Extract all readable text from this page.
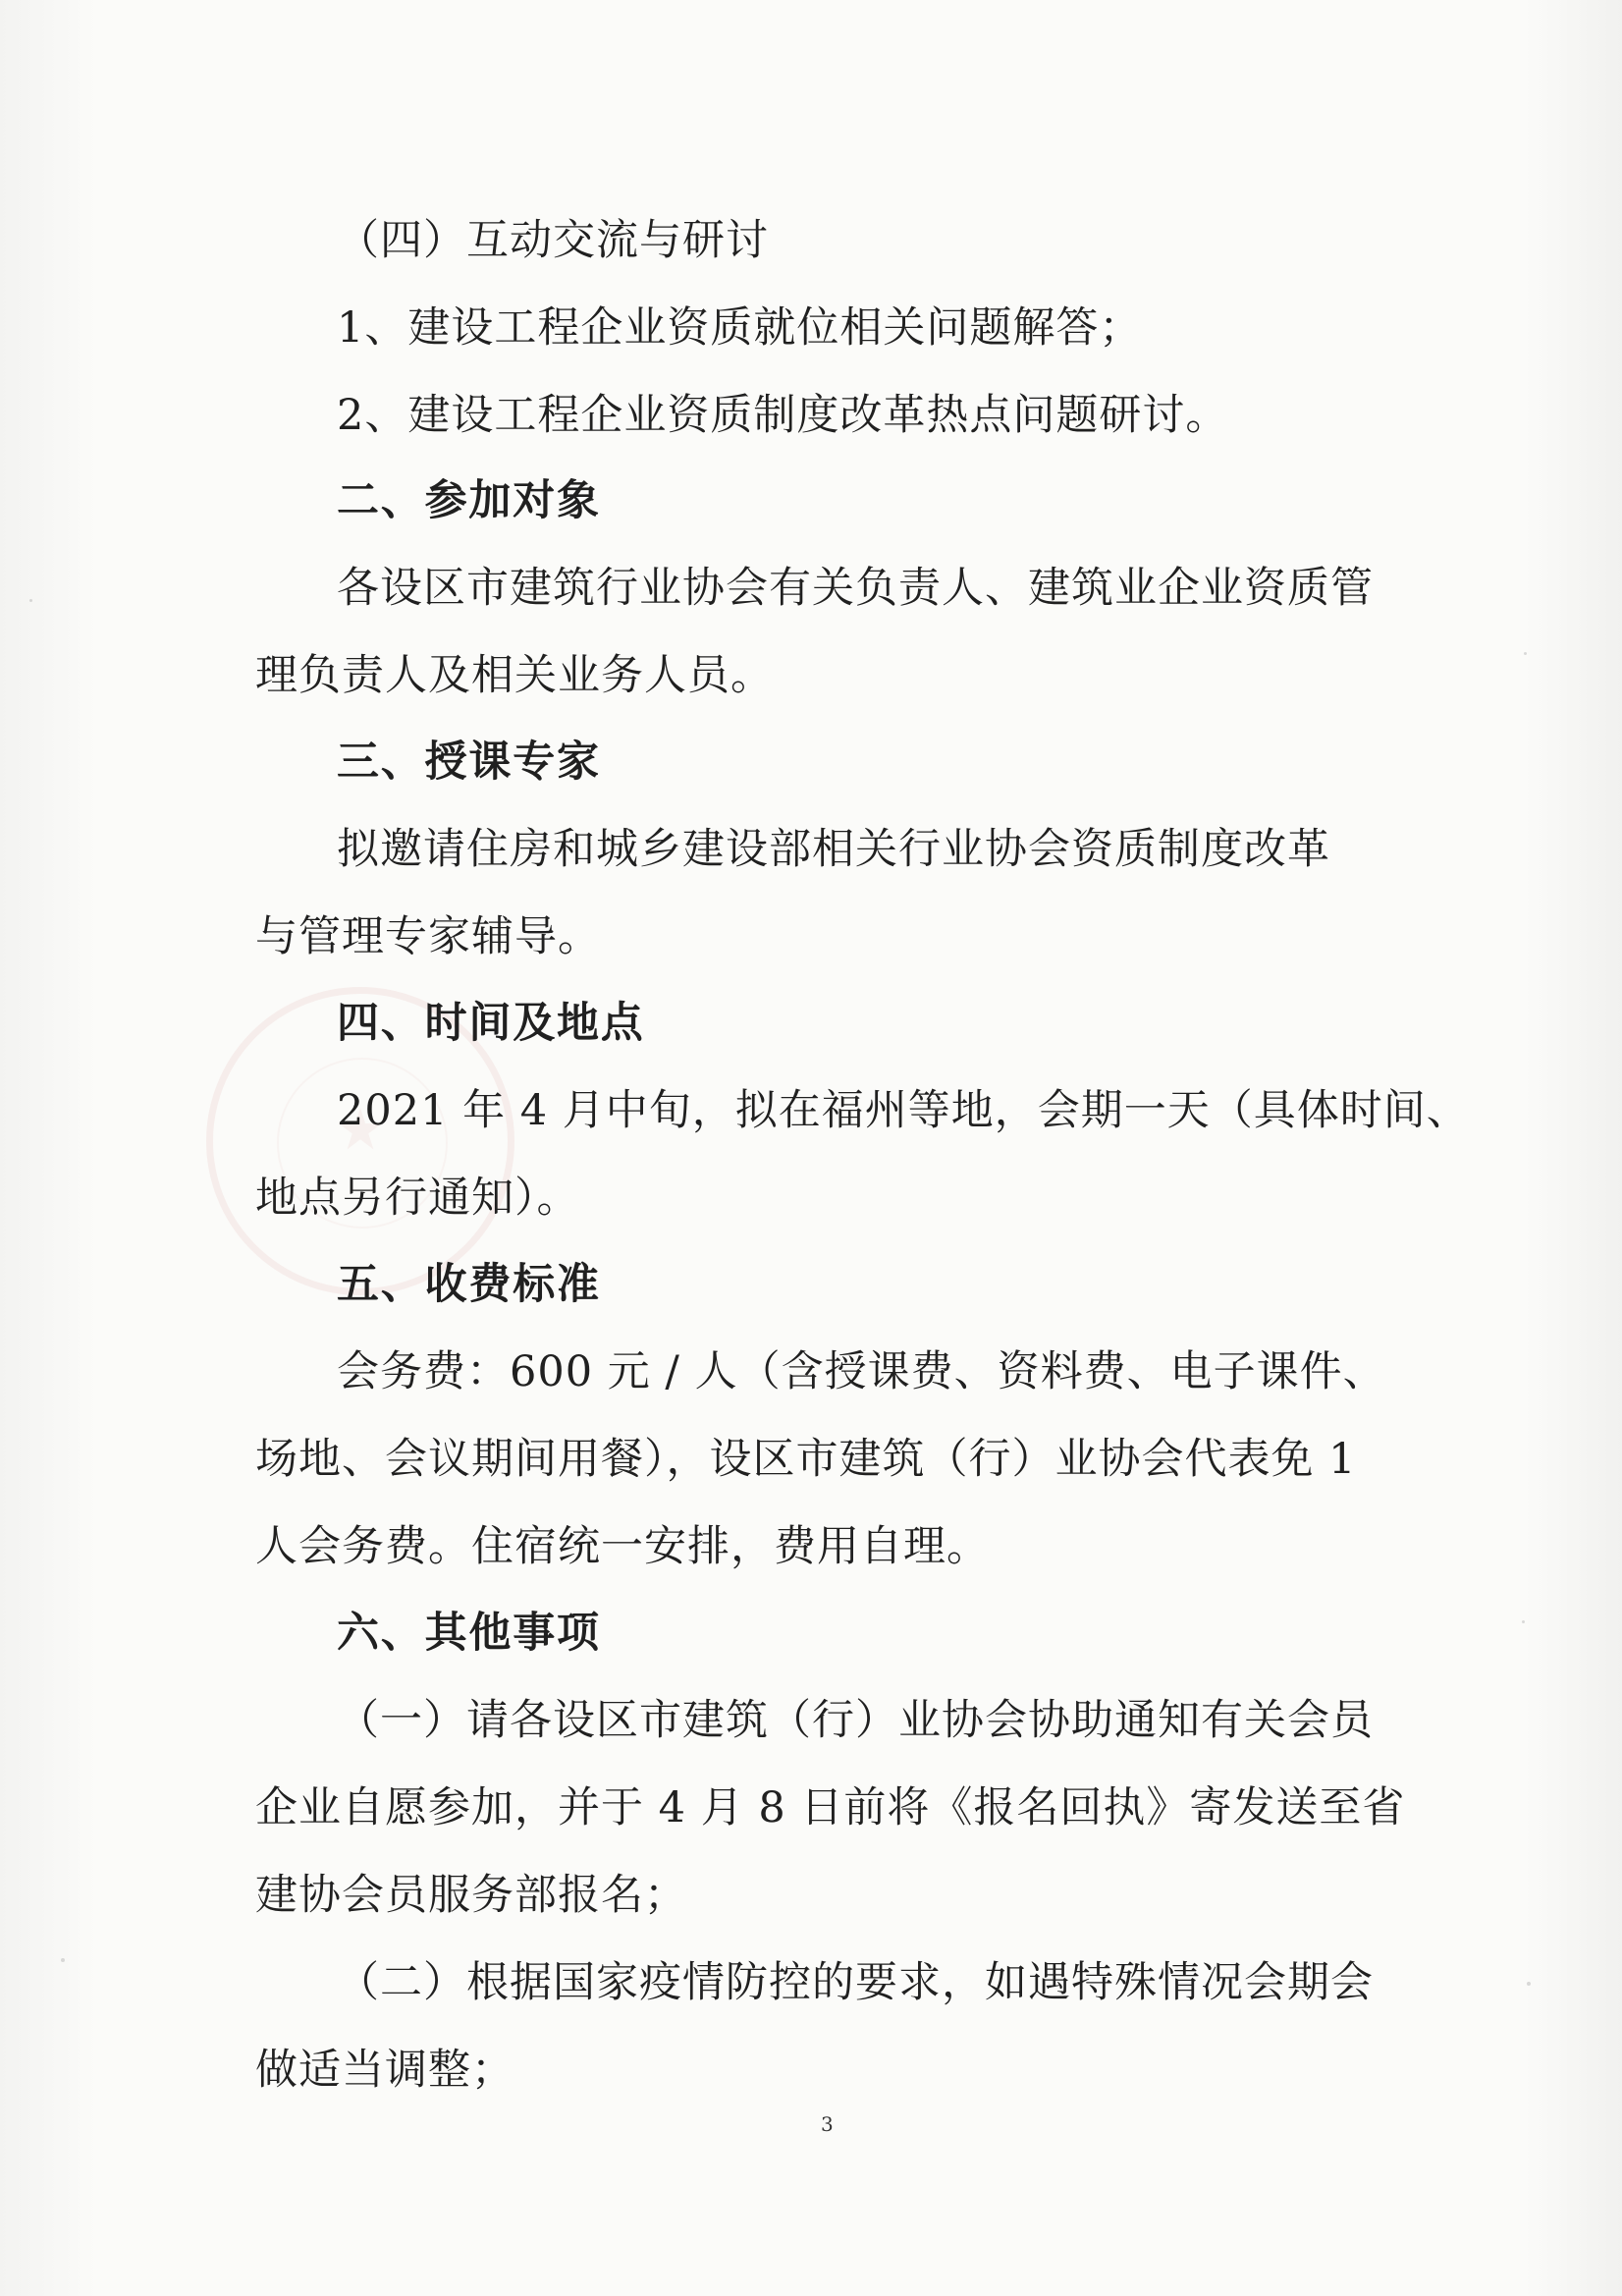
（四）互动交流与研讨

1、建设工程企业资质就位相关问题解答；

2、建设工程企业资质制度改革热点问题研讨。

二、参加对象

各设区市建筑行业协会有关负责人、建筑业企业资质管

理负责人及相关业务人员。

三、授课专家

拟邀请住房和城乡建设部相关行业协会资质制度改革

与管理专家辅导。

四、时间及地点

2021 年 4 月中旬，拟在福州等地，会期一天（具体时间、

地点另行通知）。

五、收费标准

会务费：600 元 / 人（含授课费、资料费、电子课件、

场地、会议期间用餐），设区市建筑（行）业协会代表免 1

人会务费。住宿统一安排，费用自理。

六、其他事项

（一）请各设区市建筑（行）业协会协助通知有关会员

企业自愿参加，并于 4 月 8 日前将《报名回执》寄发送至省

建协会员服务部报名；

（二）根据国家疫情防控的要求，如遇特殊情况会期会

做适当调整；

3
